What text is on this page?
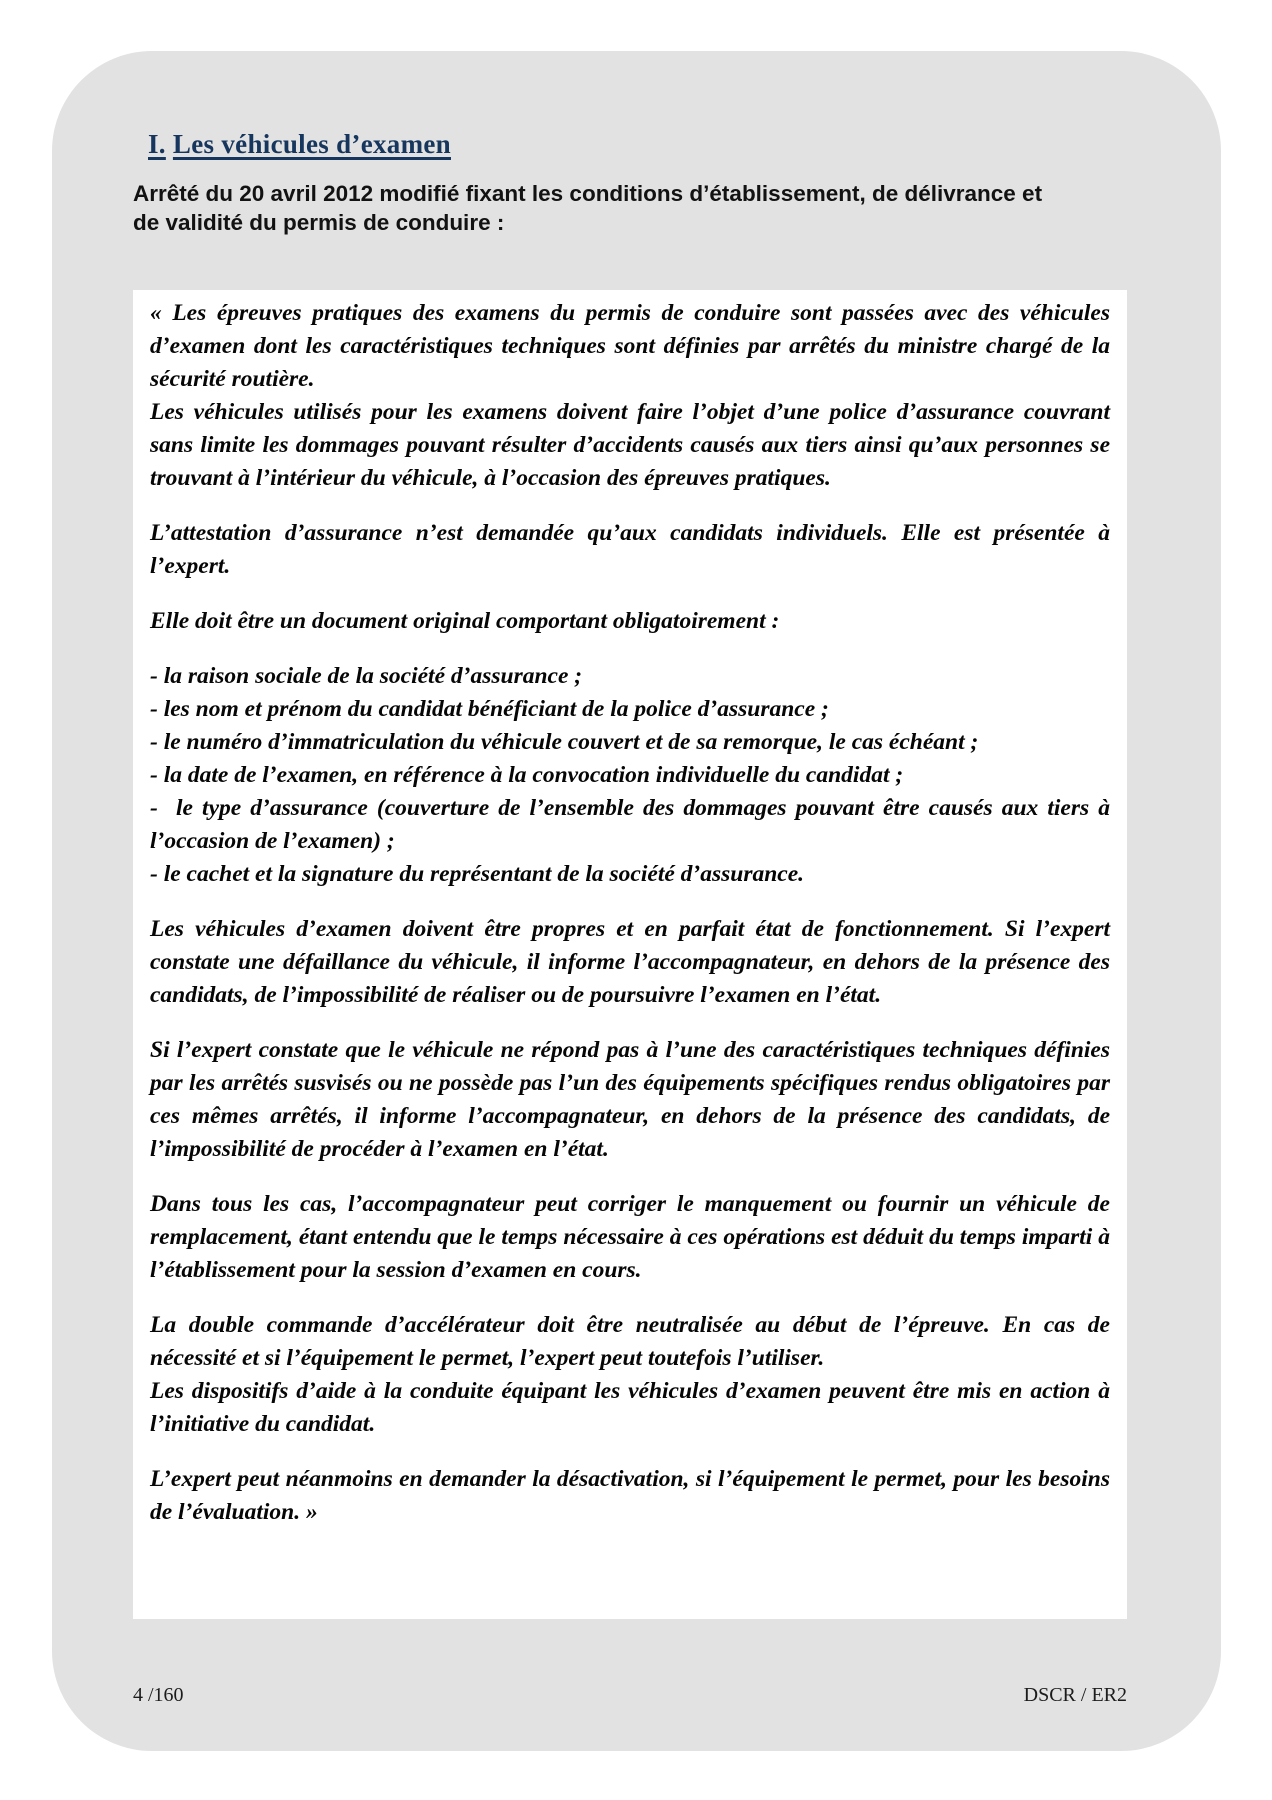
I. Les véhicules d’examen

Arrêté du 20 avril 2012 modifié fixant les conditions d’établissement, de délivrance et de validité du permis de conduire :

« Les épreuves pratiques des examens du permis de conduire sont passées avec des véhicules d’examen dont les caractéristiques techniques sont définies par arrêtés du ministre chargé de la sécurité routière.

Les véhicules utilisés pour les examens doivent faire l’objet d’une police d’assurance couvrant sans limite les dommages pouvant résulter d’accidents causés aux tiers ainsi qu’aux personnes se trouvant à l’intérieur du véhicule, à l’occasion des épreuves pratiques.

L’attestation d’assurance n’est demandée qu’aux candidats individuels. Elle est présentée à l’expert.

Elle doit être un document original comportant obligatoirement :

- la raison sociale de la société d’assurance ;

- les nom et prénom du candidat bénéficiant de la police d’assurance ;

- le numéro d’immatriculation du véhicule couvert et de sa remorque, le cas échéant ;

- la date de l’examen, en référence à la convocation individuelle du candidat ;

-  le type d’assurance (couverture de l’ensemble des dommages pouvant être causés aux tiers à l’occasion de l’examen) ;

- le cachet et la signature du représentant de la société d’assurance.

Les véhicules d’examen doivent être propres et en parfait état de fonctionnement. Si l’expert constate une défaillance du véhicule, il informe l’accompagnateur, en dehors de la présence des candidats, de l’impossibilité de réaliser ou de poursuivre l’examen en l’état.

Si l’expert constate que le véhicule ne répond pas à l’une des caractéristiques techniques définies par les arrêtés susvisés ou ne possède pas l’un des équipements spécifiques rendus obligatoires par ces mêmes arrêtés, il informe l’accompagnateur, en dehors de la présence des candidats, de l’impossibilité de procéder à l’examen en l’état.

Dans tous les cas, l’accompagnateur peut corriger le manquement ou fournir un véhicule de remplacement, étant entendu que le temps nécessaire à ces opérations est déduit du temps imparti à l’établissement pour la session d’examen en cours.

La double commande d’accélérateur doit être neutralisée au début de l’épreuve. En cas de nécessité et si l’équipement le permet, l’expert peut toutefois l’utiliser.

Les dispositifs d’aide à la conduite équipant les véhicules d’examen peuvent être mis en action à l’initiative du candidat.

L’expert peut néanmoins en demander la désactivation, si l’équipement le permet, pour les besoins de l’évaluation. »

4 /160	DSCR / ER2
